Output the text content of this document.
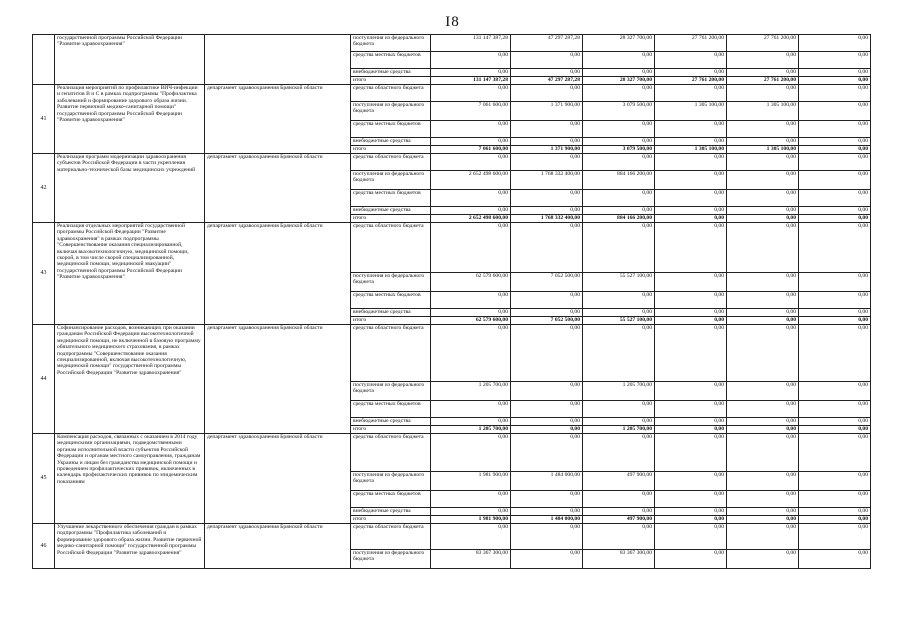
I8
	государственной программы Российской Федерации "Развитие здравоохранения"		поступления из федерального бюджета	131 147 387,28	47 297 287,28	28 327 700,00	27 761 200,00	27 761 200,00	0,00
			средства местных бюджетов	0,00	0,00	0,00	0,00	0,00	0,00
			внебюджетные средства	0,00	0,00	0,00	0,00	0,00	0,00
			итого	131 147 387,28	47 297 287,28	28 327 700,00	27 761 200,00	27 761 200,00	0,00
41	Реализация мероприятий по профилактике ВИЧ-инфекции и гепатитов В и С в рамках подпрограммы "Профилактика заболеваний и формирование здорового образа жизни. Развитие первичной медико-санитарной помощи" государственной программы Российской Федерации "Развитие здравоохранения"	департамент здравоохранения Брянской области	средства областного бюджета	0,00	0,00	0,00	0,00	0,00	0,00
			поступления из федерального бюджета	7 061 600,00	1 371 900,00	3 079 500,00	1 305 100,00	1 305 100,00	0,00
			средства местных бюджетов	0,00	0,00	0,00	0,00	0,00	0,00
			внебюджетные средства	0,00	0,00	0,00	0,00	0,00	0,00
			итого	7 061 600,00	1 371 900,00	3 079 500,00	1 305 100,00	1 305 100,00	0,00
42	Реализация программ модернизации здравоохранения субъектов Российской Федерации в части укрепления материально-технической базы медицинских учреждений	департамент здравоохранения Брянской области	средства областного бюджета	0,00	0,00	0,00	0,00	0,00	0,00
			поступления из федерального бюджета	2 652 498 600,00	1 768 332 400,00	884 166 200,00	0,00	0,00	0,00
			средства местных бюджетов	0,00	0,00	0,00	0,00	0,00	0,00
			внебюджетные средства	0,00	0,00	0,00	0,00	0,00	0,00
			итого	2 652 498 600,00	1 768 332 400,00	884 166 200,00	0,00	0,00	0,00
43	Реализация отдельных мероприятий государственной программы Российской Федерации "Развитие здравоохранения" в рамках подпрограммы "Совершенствование оказания специализированной, включая высокотехнологичную, медицинской помощи, скорой, в том числе скорой специализированной, медицинской помощи, медицинской эвакуации" государственной программы Российской Федерации "Развитие здравоохранения"	департамент здравоохранения Брянской области	средства областного бюджета	0,00	0,00	0,00	0,00	0,00	0,00
			поступления из федерального бюджета	62 579 600,00	7 052 500,00	55 527 100,00	0,00	0,00	0,00
			средства местных бюджетов	0,00	0,00	0,00	0,00	0,00	0,00
			внебюджетные средства	0,00	0,00	0,00	0,00	0,00	0,00
			итого	62 579 600,00	7 052 500,00	55 527 100,00	0,00	0,00	0,00
44	Софинансирование расходов, возникающих при оказании гражданам Российской Федерации высокотехнологичной медицинской помощи, не включенной в базовую программу обязательного медицинского страхования, в рамках подпрограммы "Совершенствование оказания специализированной, включая высокотехнологичную, медицинской помощи" государственной программы Российской Федерации "Развитие здравоохранения"	департамент здравоохранения Брянской области	средства областного бюджета	0,00	0,00	0,00	0,00	0,00	0,00
			поступления из федерального бюджета	1 205 700,00	0,00	1 205 700,00	0,00	0,00	0,00
			средства местных бюджетов	0,00	0,00	0,00	0,00	0,00	0,00
			внебюджетные средства	0,00	0,00	0,00	0,00	0,00	0,00
			итого	1 205 700,00	0,00	1 205 700,00	0,00	0,00	0,00
45	Компенсация расходов, связанных с оказанием в 2014 году медицинскими организациями, подведомственными органам исполнительной власти субъектов Российской Федерации и органам местного самоуправления, гражданам Украины и лицам без гражданства медицинской помощи и проведением профилактических прививок, включенных в календарь профилактических прививок по эпидемическим показаниям	департамент здравоохранения Брянской области	средства областного бюджета	0,00	0,00	0,00	0,00	0,00	0,00
			поступления из федерального бюджета	1 981 900,00	1 484 000,00	497 900,00	0,00	0,00	0,00
			средства местных бюджетов	0,00	0,00	0,00	0,00	0,00	0,00
			внебюджетные средства	0,00	0,00	0,00	0,00	0,00	0,00
			итого	1 981 900,00	1 484 000,00	497 900,00	0,00	0,00	0,00
46	Улучшение лекарственного обеспечения граждан в рамках подпрограммы "Профилактика заболеваний и формирование здорового образа жизни. Развитие первичной медико-санитарной помощи" государственной программы Российской Федерации "Развитие здравоохранения"	департамент здравоохранения Брянской области	средства областного бюджета	0,00	0,00	0,00	0,00	0,00	0,00
			поступления из федерального бюджета	83 367 300,00	0,00	83 367 300,00	0,00	0,00	0,00
